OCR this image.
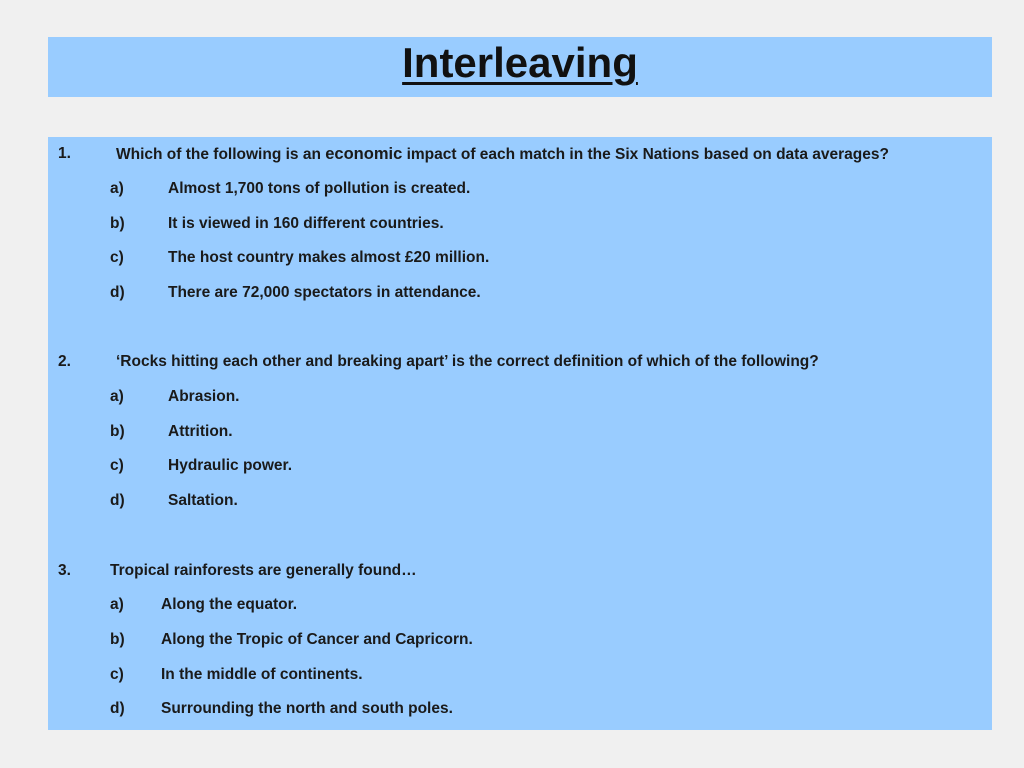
Interleaving
1.	Which of the following is an economic impact of each match in the Six Nations based on data averages?
a)	Almost 1,700 tons of pollution is created.
b)	It is viewed in 160 different countries.
c)	The host country makes almost £20 million.
d)	There are 72,000 spectators in attendance.
2.	‘Rocks hitting each other and breaking apart’ is the correct definition of which of the following?
a)	Abrasion.
b)	Attrition.
c)	Hydraulic power.
d)	Saltation.
3.	Tropical rainforests are generally found…
a) Along the equator.
b) Along the Tropic of Cancer and Capricorn.
c) In the middle of continents.
d) Surrounding the north and south poles.
